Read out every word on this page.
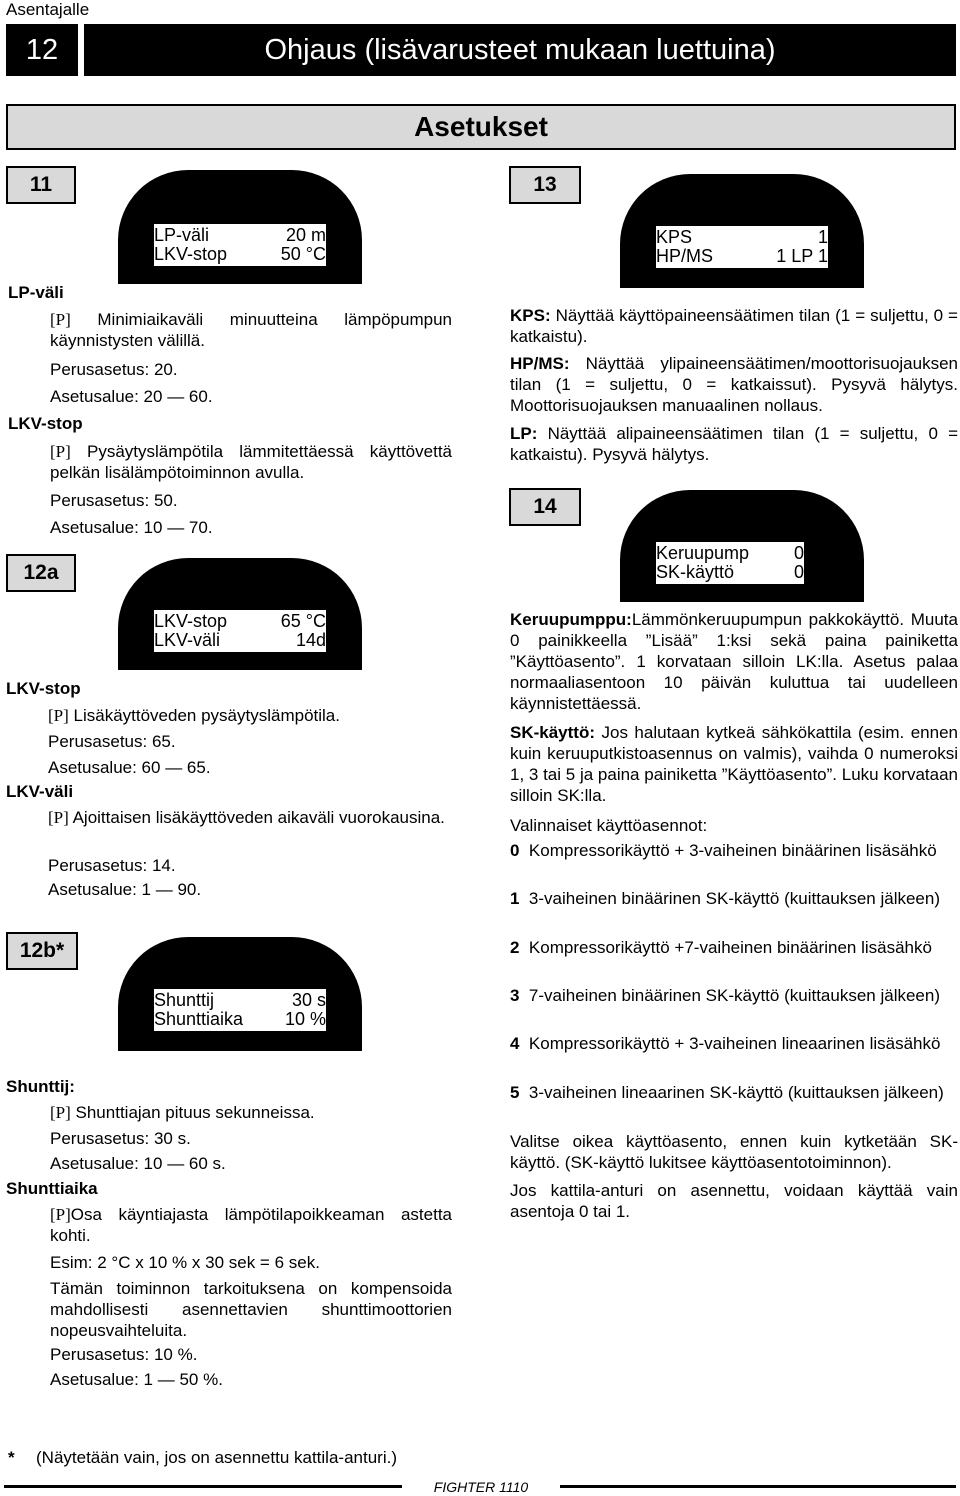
Asentajalle
12	Ohjaus (lisävarusteet mukaan luettuina)
Asetukset
11
LP-väli	20 m
LKV-stop	50 °C
LP-väli
[P] Minimiaikaväli minuutteina lämpöpumpun käynnistysten välillä.
Perusasetus: 20.
Asetusalue: 20 — 60.
LKV-stop
[P] Pysäytyslämpötila lämmitettäessä käyttövettä pelkän lisälämpötoiminnon avulla.
Perusasetus: 50.
Asetusalue: 10 — 70.
12a
LKV-stop	65 °C
LKV-väli	14d
LKV-stop
[P] Lisäkäyttöveden pysäytyslämpötila.
Perusasetus: 65.
Asetusalue: 60 — 65.
LKV-väli
[P] Ajoittaisen lisäkäyttöveden aikaväli vuorokausina.
Perusasetus: 14.
Asetusalue: 1 — 90.
12b*
Shunttij	30 s
Shunttiaika	10 %
Shunttij:
[P] Shunttiajan pituus sekunneissa.
Perusasetus: 30 s.
Asetusalue: 10 — 60 s.
Shunttiaika
[P]Osa käyntiajasta lämpötilapoikkeaman astetta kohti.
Esim: 2 °C x 10 % x 30 sek = 6 sek.
Tämän toiminnon tarkoituksena on kompensoida mahdollisesti asennettavien shunttimoottorien nopeusvaihteluita.
Perusasetus: 10 %.
Asetusalue: 1 — 50 %.
13
KPS	1
HP/MS	1 LP 1
KPS: Näyttää käyttöpaineensäätimen tilan (1 = suljettu, 0 = katkaistu).
HP/MS: Näyttää ylipaineensäätimen/moottorisuojauksen tilan (1 = suljettu, 0 = katkaissut). Pysyvä hälytys. Moottorisuojauksen manuaalinen nollaus.
LP: Näyttää alipaineensäätimen tilan (1 = suljettu, 0 = katkaistu). Pysyvä hälytys.
14
Keruupump	0
SK-käyttö	0
Keruupumppu:Lämmönkeruupumpun pakkokäyttö. Muuta 0 painikkeella ”Lisää” 1:ksi sekä paina painiketta ”Käyttöasento”. 1 korvataan silloin LK:lla. Asetus palaa normaaliasentoon 10 päivän kuluttua tai uudelleen käynnistettäessä.
SK-käyttö: Jos halutaan kytkeä sähkökattila (esim. ennen kuin keruuputkistoasennus on valmis), vaihda 0 numeroksi 1, 3 tai 5 ja paina painiketta ”Käyttöasento”. Luku korvataan silloin SK:lla.
Valinnaiset käyttöasennot:
0 Kompressorikäyttö + 3-vaiheinen binäärinen lisäsähkö
1 3-vaiheinen binäärinen SK-käyttö (kuittauksen jälkeen)
2 Kompressorikäyttö +7-vaiheinen binäärinen lisäsähkö
3 7-vaiheinen binäärinen SK-käyttö (kuittauksen jälkeen)
4 Kompressorikäyttö + 3-vaiheinen lineaarinen lisäsähkö
5 3-vaiheinen lineaarinen SK-käyttö (kuittauksen jälkeen)
Valitse oikea käyttöasento, ennen kuin kytketään SK-käyttö. (SK-käyttö lukitsee käyttöasentotoiminnon).
Jos kattila-anturi on asennettu, voidaan käyttää vain asentoja 0 tai 1.
* (Näytetään vain, jos on asennettu kattila-anturi.)
FIGHTER 1110
